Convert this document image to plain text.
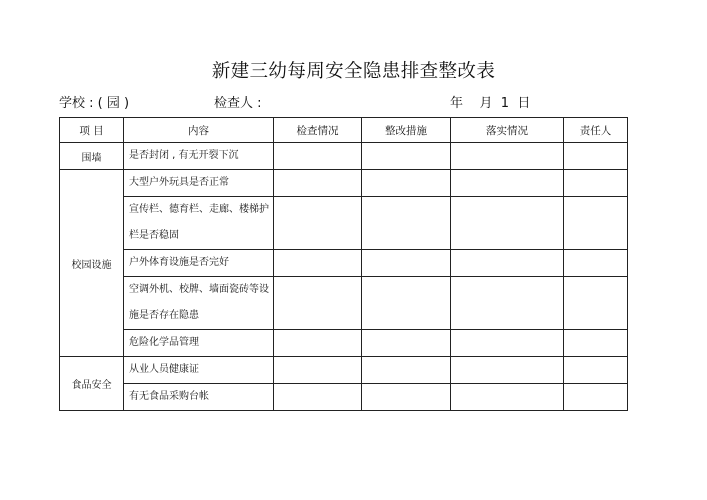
新建三幼每周安全隐患排查整改表
学校 : ( 园 )	检查人 :	年    月  1  日
项 目	内容	检查情况	整改措施	落实情况	责任人
围墙	是否封闭 , 有无开裂下沉				

校园设施	大型户外玩具是否正常				

	宣传栏、德育栏、走廊、楼梯护
栏是否稳固				

	户外体育设施是否完好				

	空调外机、校牌、墙面瓷砖等设
施是否存在隐患				

	危险化学品管理				

食品安全	从业人员健康证				

	有无食品采购台帐				
